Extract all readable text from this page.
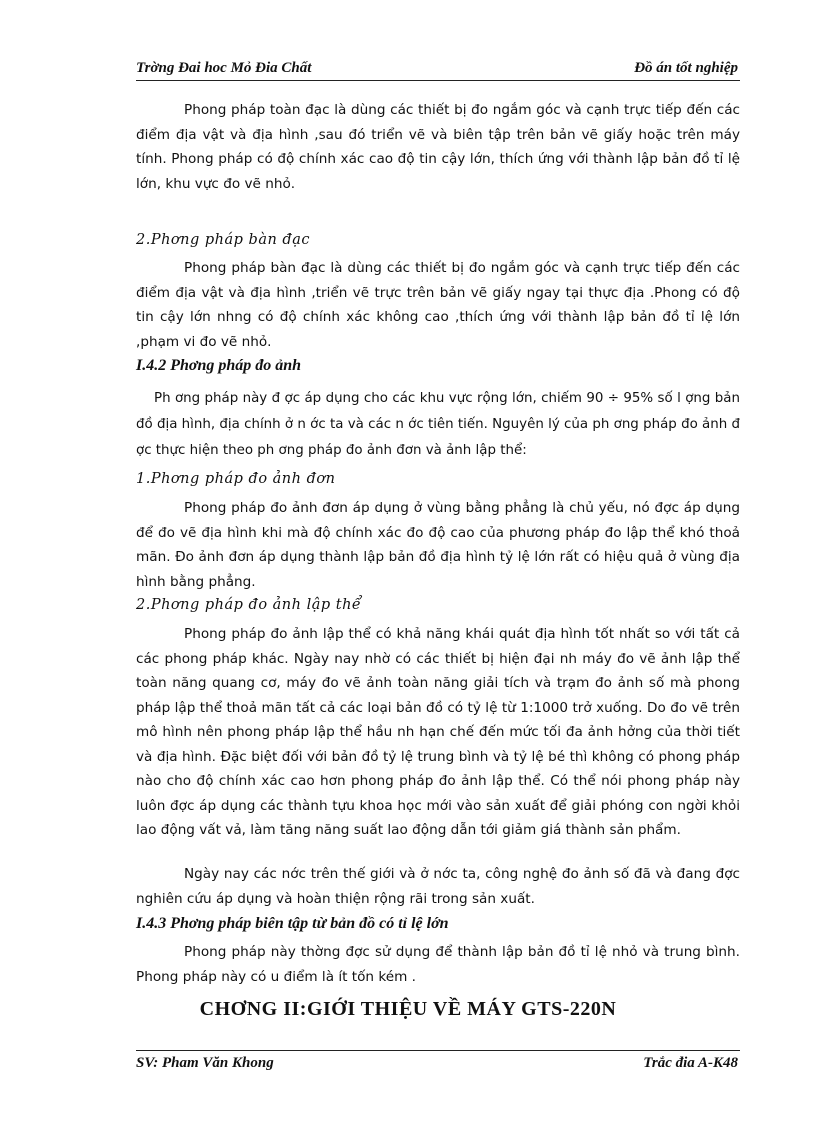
Trờng Đai hoc Mỏ Đia Chất	Đồ án tốt nghiệp

Phong pháp toàn đạc là dùng các thiết bị đo ngắm góc và cạnh trực tiếp đến các điểm địa vật và địa hình ,sau đó triển vẽ và biên tập trên bản vẽ giấy hoặc trên máy tính. Phong pháp có độ chính xác cao độ tin cậy lớn, thích ứng với thành lập bản đồ tỉ lệ lớn, khu vực đo vẽ nhỏ.

2.Phơng pháp bàn đạc

Phong pháp bàn đạc là dùng các thiết bị đo ngắm góc và cạnh trực tiếp đến các điểm địa vật và địa hình ,triển vẽ trực trên bản vẽ giấy ngay tại thực địa .Phong có độ tin cậy lớn nhng có độ chính xác không cao ,thích ứng với thành lập bản đồ tỉ lệ lớn ,phạm vi đo vẽ nhỏ.

I.4.2 Phơng pháp đo ảnh

Ph ơng pháp này đ ợc áp dụng cho các khu vực rộng lớn, chiếm 90 ÷ 95% số l ợng bản đồ địa hình, địa chính ở n ớc ta và các n ớc tiên tiến. Nguyên lý của ph ơng pháp đo ảnh đ ợc thực hiện theo ph ơng pháp đo ảnh đơn và ảnh lập thể:

1.Phơng pháp đo ảnh đơn

Phong pháp đo ảnh đơn áp dụng ở vùng bằng phẳng là chủ yếu, nó đợc áp dụng để đo vẽ địa hình khi mà độ chính xác đo độ cao của phương pháp đo lập thể khó thoả mãn. Đo ảnh đơn áp dụng thành lập bản đồ địa hình tỷ lệ lớn rất có hiệu quả ở vùng địa hình bằng phẳng.

2.Phơng pháp đo ảnh lập thể

Phong pháp đo ảnh lập thể có khả năng khái quát địa hình tốt nhất so với tất cả các phong pháp khác. Ngày nay nhờ có các thiết bị hiện đại nh máy đo vẽ ảnh lập thể toàn năng quang cơ, máy đo vẽ ảnh toàn năng giải tích và trạm đo ảnh số mà phong pháp lập thể thoả mãn tất cả các loại bản đồ có tỷ lệ từ 1:1000 trở xuống. Do đo vẽ trên mô hình nên phong pháp lập thể hầu nh hạn chế đến mức tối đa ảnh hởng của thời tiết và địa hình. Đặc biệt đối với bản đồ tỷ lệ trung bình và tỷ lệ bé thì không có phong pháp nào cho độ chính xác cao hơn phong pháp đo ảnh lập thể. Có thể nói phong pháp này luôn đợc áp dụng các thành tựu khoa học mới vào sản xuất để giải phóng con ngời khỏi lao động vất vả, làm tăng năng suất lao động dẫn tới giảm giá thành sản phẩm.

Ngày nay các nớc trên thế giới và ở nớc ta, công nghệ đo ảnh số đã và đang đợc nghiên cứu áp dụng và hoàn thiện rộng rãi trong sản xuất.

I.4.3 Phơng pháp biên tập từ bản đồ có tỉ lệ lớn

Phong pháp này thờng đợc sử dụng để thành lập bản đồ tỉ lệ nhỏ và trung bình. Phong pháp này có u điểm là ít tốn kém .

CHƠNG II:GIỚI THIỆU VỀ MÁY GTS-220N
SV: Pham Văn Khong	Trắc đia A-K48
